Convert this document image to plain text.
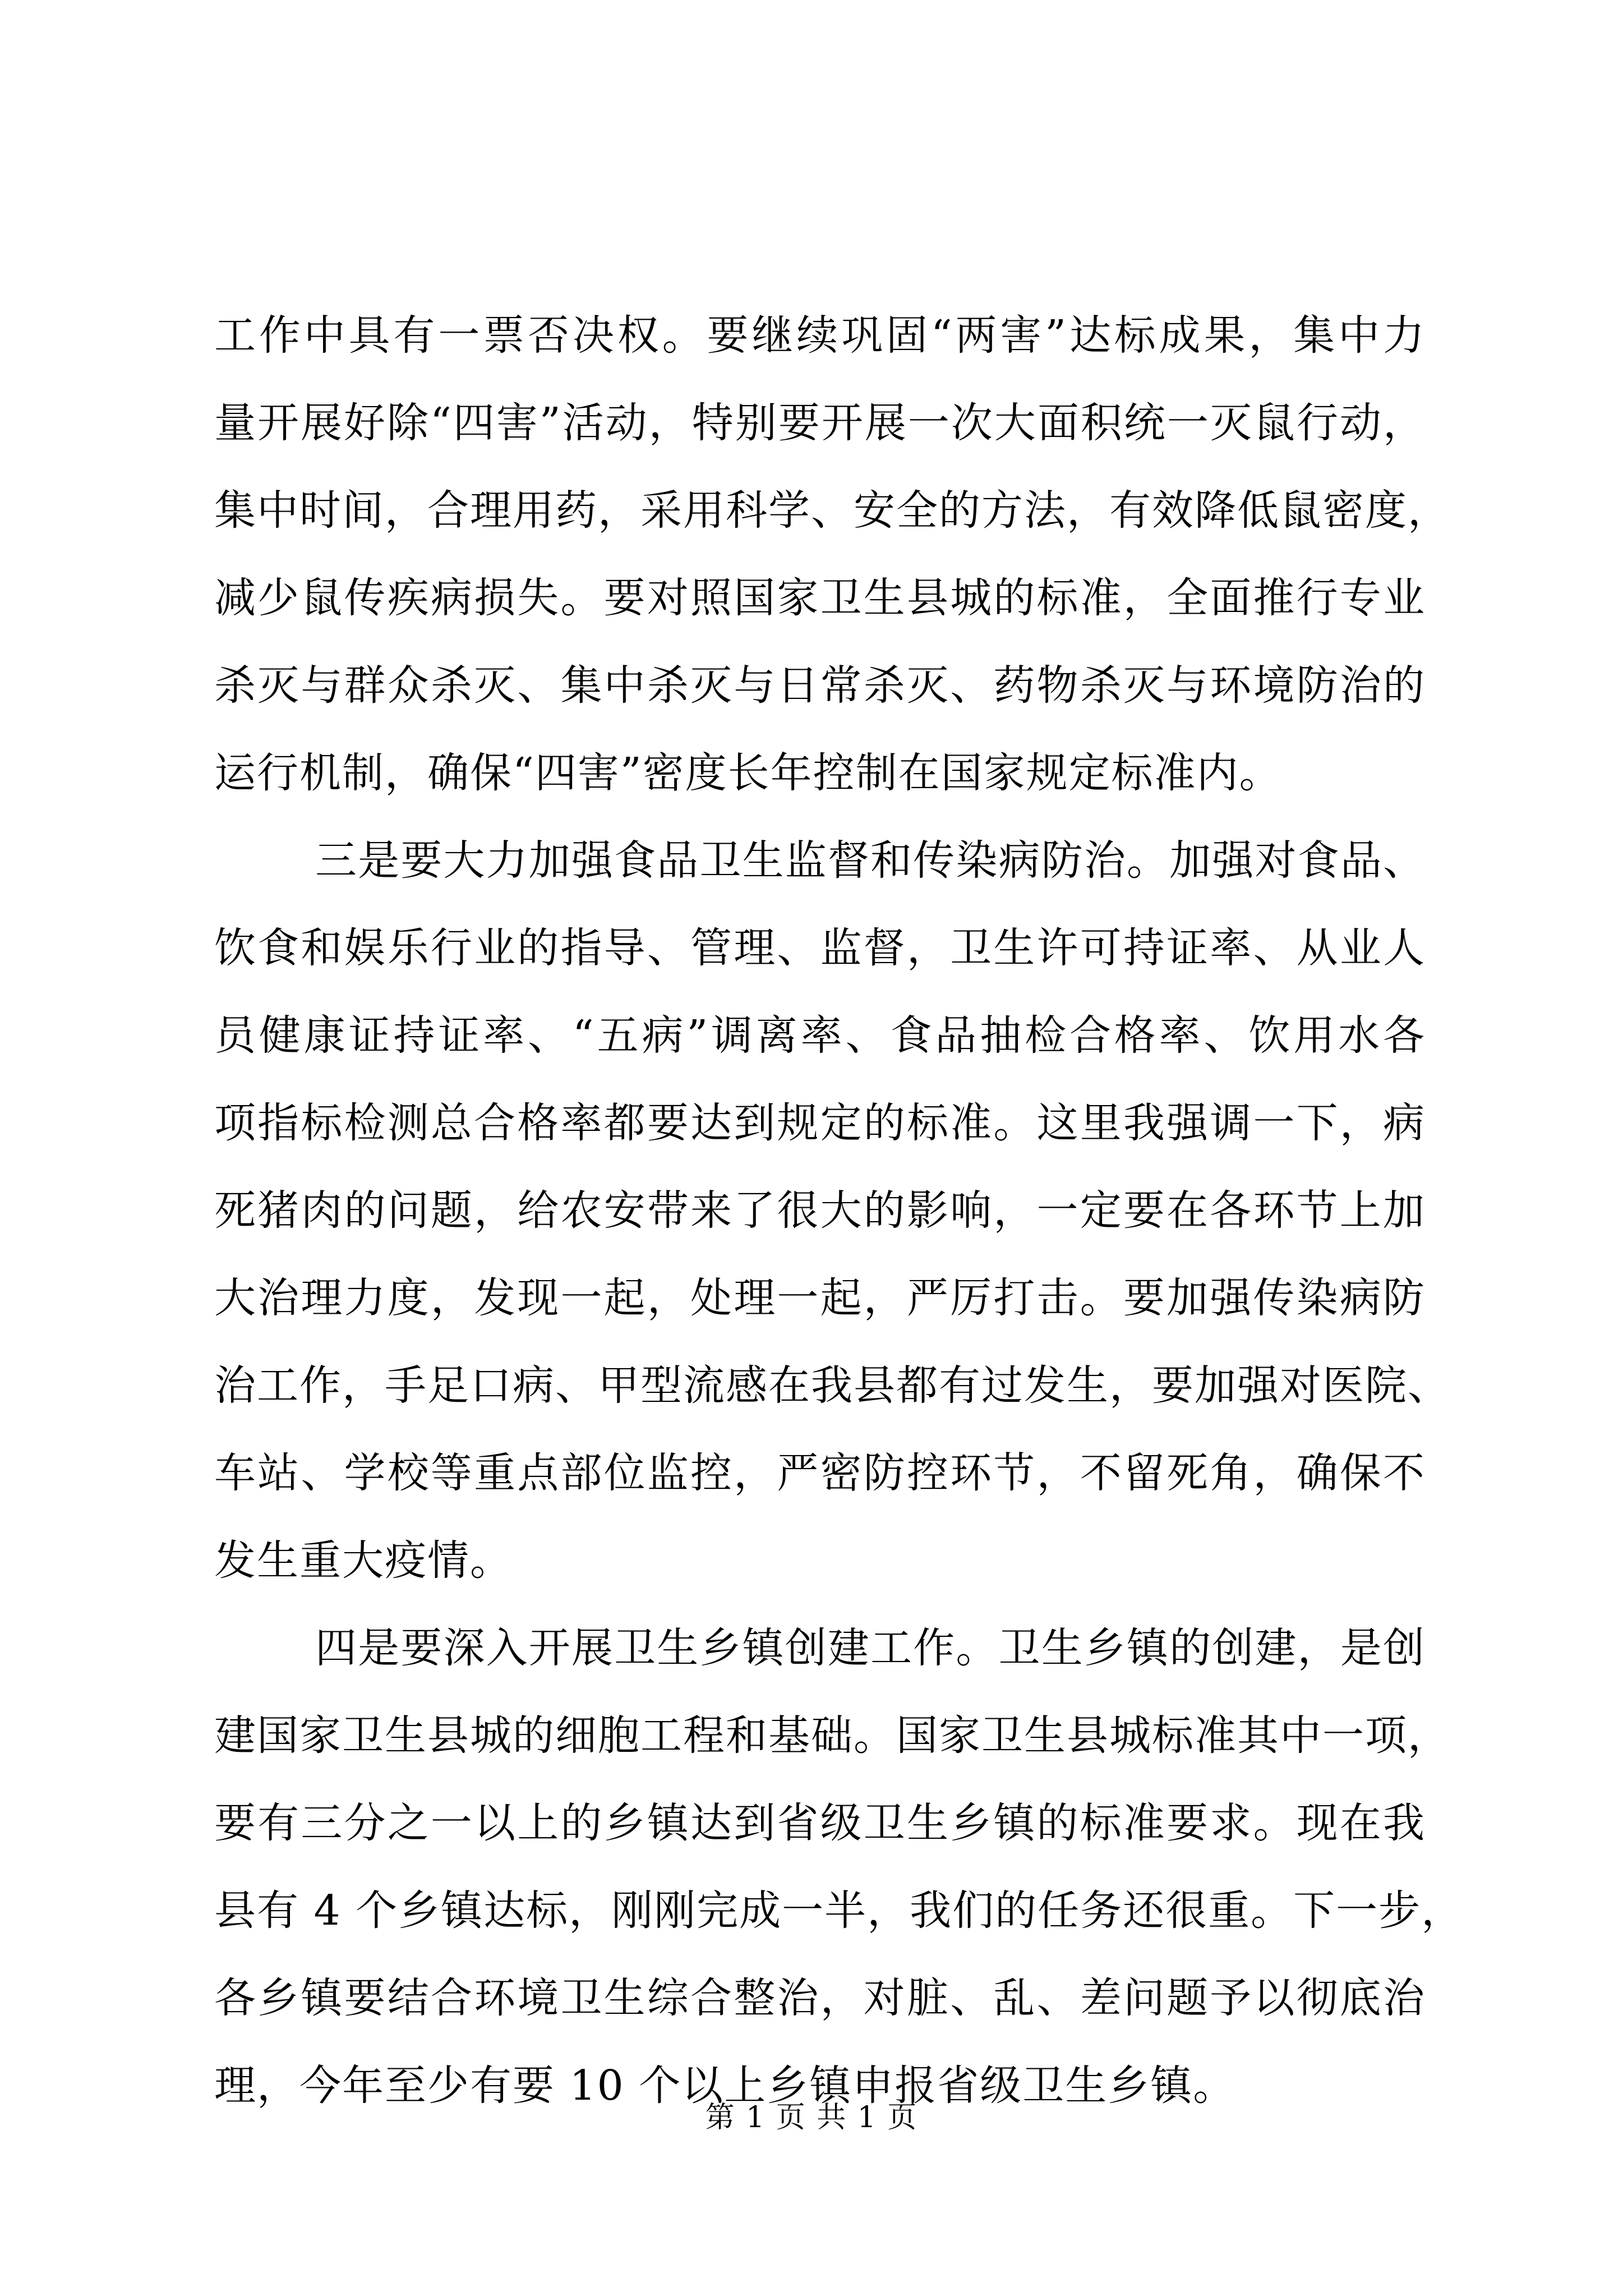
工作中具有一票否决权。要继续巩固“两害”达标成果，集中力
量开展好除“四害”活动，特别要开展一次大面积统一灭鼠行动，
集中时间，合理用药，采用科学、安全的方法，有效降低鼠密度，
减少鼠传疾病损失。要对照国家卫生县城的标准，全面推行专业
杀灭与群众杀灭、集中杀灭与日常杀灭、药物杀灭与环境防治的
运行机制，确保“四害”密度长年控制在国家规定标准内。
三是要大力加强食品卫生监督和传染病防治。加强对食品、
饮食和娱乐行业的指导、管理、监督，卫生许可持证率、从业人
员健康证持证率、“五病”调离率、食品抽检合格率、饮用水各
项指标检测总合格率都要达到规定的标准。这里我强调一下，病
死猪肉的问题，给农安带来了很大的影响，一定要在各环节上加
大治理力度，发现一起，处理一起，严厉打击。要加强传染病防
治工作，手足口病、甲型流感在我县都有过发生，要加强对医院、
车站、学校等重点部位监控，严密防控环节，不留死角，确保不
发生重大疫情。
四是要深入开展卫生乡镇创建工作。卫生乡镇的创建，是创
建国家卫生县城的细胞工程和基础。国家卫生县城标准其中一项，
要有三分之一以上的乡镇达到省级卫生乡镇的标准要求。现在我
县有 4 个乡镇达标，刚刚完成一半，我们的任务还很重。下一步，
各乡镇要结合环境卫生综合整治，对脏、乱、差问题予以彻底治
理，今年至少有要 10 个以上乡镇申报省级卫生乡镇。
第 1 页 共 1 页
